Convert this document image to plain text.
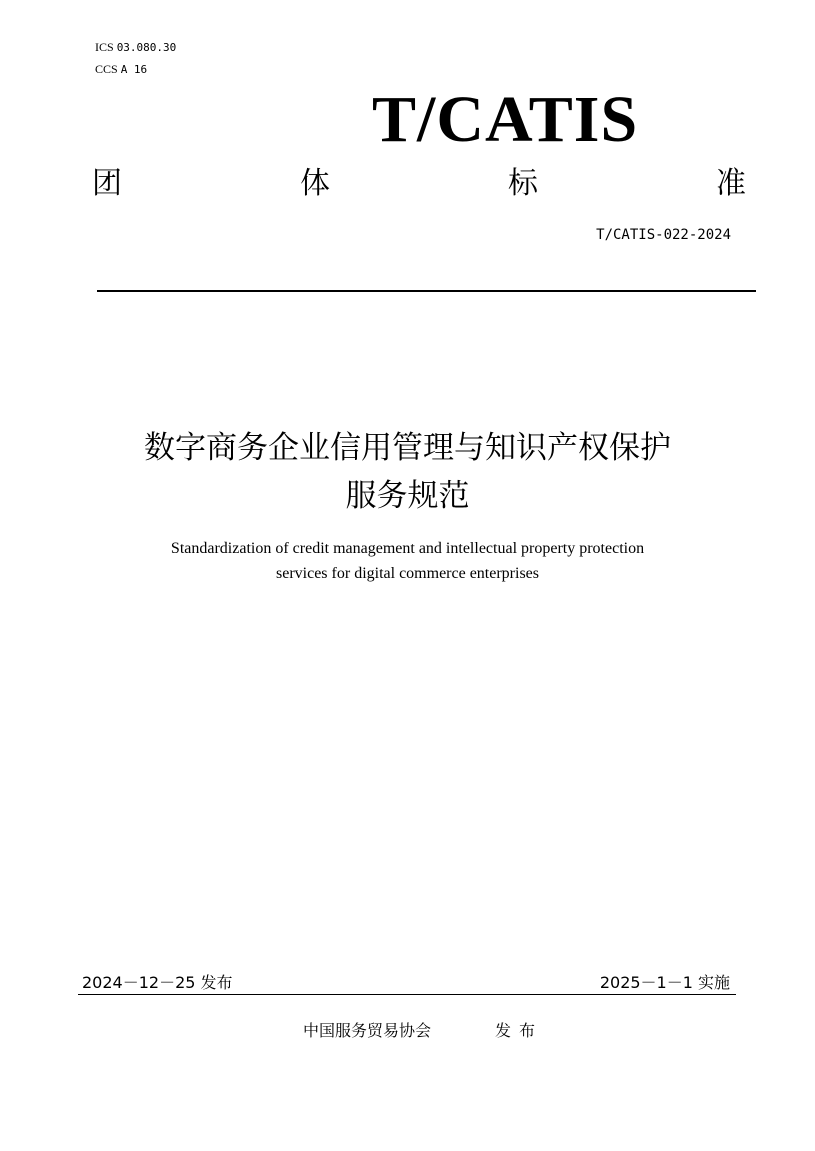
ICS 03.080.30
CCS A 16
T/CATIS
团	体	标	准
T/CATIS-022-2024
数字商务企业信用管理与知识产权保护
服务规范
Standardization of credit management and intellectual property protection
services for digital commerce enterprises
2024－12－25 发布	2025－1－1 实施
中国服务贸易协会	发布
